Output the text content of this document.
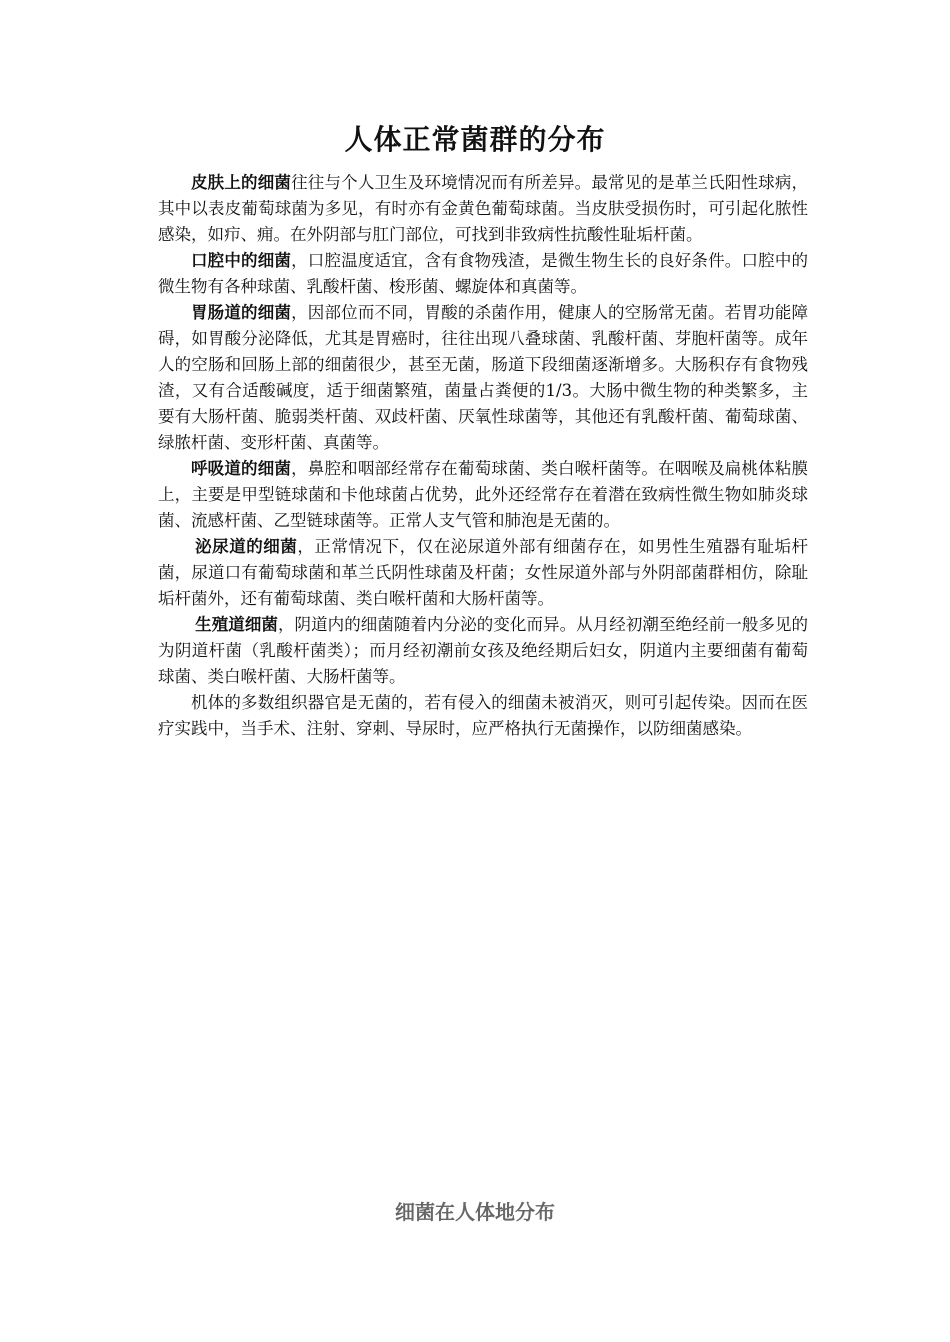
人体正常菌群的分布

皮肤上的细菌往往与个人卫生及环境情况而有所差异。最常见的是革兰氏阳性球病，其中以表皮葡萄球菌为多见，有时亦有金黄色葡萄球菌。当皮肤受损伤时，可引起化脓性感染，如疖、痈。在外阴部与肛门部位，可找到非致病性抗酸性耻垢杆菌。

口腔中的细菌，口腔温度适宜，含有食物残渣，是微生物生长的良好条件。口腔中的微生物有各种球菌、乳酸杆菌、梭形菌、螺旋体和真菌等。

胃肠道的细菌，因部位而不同，胃酸的杀菌作用，健康人的空肠常无菌。若胃功能障碍，如胃酸分泌降低，尤其是胃癌时，往往出现八叠球菌、乳酸杆菌、芽胞杆菌等。成年人的空肠和回肠上部的细菌很少，甚至无菌，肠道下段细菌逐渐增多。大肠积存有食物残渣，又有合适酸碱度，适于细菌繁殖，菌量占粪便的1/3。大肠中微生物的种类繁多，主要有大肠杆菌、脆弱类杆菌、双歧杆菌、厌氧性球菌等，其他还有乳酸杆菌、葡萄球菌、绿脓杆菌、变形杆菌、真菌等。

呼吸道的细菌，鼻腔和咽部经常存在葡萄球菌、类白喉杆菌等。在咽喉及扁桃体粘膜上，主要是甲型链球菌和卡他球菌占优势，此外还经常存在着潜在致病性微生物如肺炎球菌、流感杆菌、乙型链球菌等。正常人支气管和肺泡是无菌的。

泌尿道的细菌，正常情况下，仅在泌尿道外部有细菌存在，如男性生殖器有耻垢杆菌，尿道口有葡萄球菌和革兰氏阴性球菌及杆菌；女性尿道外部与外阴部菌群相仿，除耻垢杆菌外，还有葡萄球菌、类白喉杆菌和大肠杆菌等。

生殖道细菌，阴道内的细菌随着内分泌的变化而异。从月经初潮至绝经前一般多见的为阴道杆菌（乳酸杆菌类）；而月经初潮前女孩及绝经期后妇女，阴道内主要细菌有葡萄球菌、类白喉杆菌、大肠杆菌等。

机体的多数组织器官是无菌的，若有侵入的细菌未被消灭，则可引起传染。因而在医疗实践中，当手术、注射、穿刺、导尿时，应严格执行无菌操作，以防细菌感染。

细菌在人体地分布
